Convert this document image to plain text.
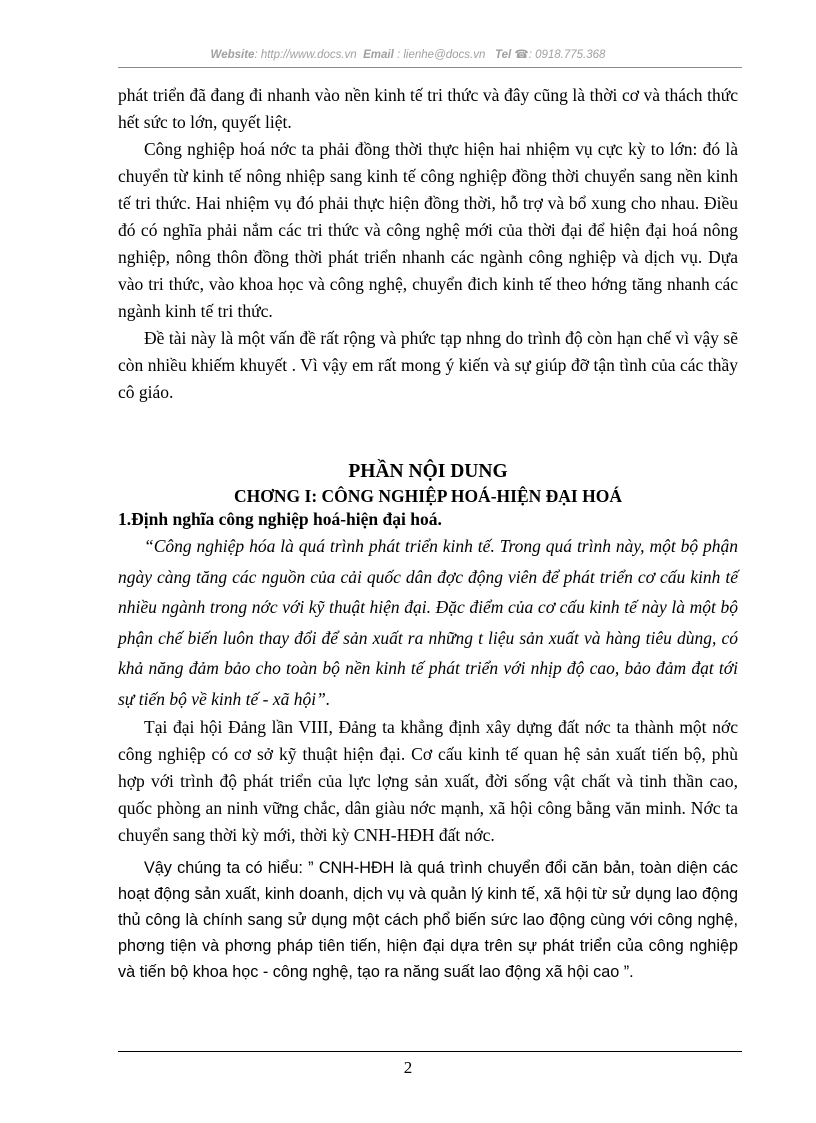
Website: http://www.docs.vn Email : lienhe@docs.vn Tel ☎: 0918.775.368

phát triển đã đang đi nhanh vào nền kinh tế tri thức và đây cũng là thời cơ và thách thức hết sức to lớn, quyết liệt.

Công nghiệp hoá nớc ta phải đồng thời thực hiện hai nhiệm vụ cực kỳ to lớn: đó là chuyển từ kinh tế nông nhiệp sang kinh tế công nghiệp đồng thời chuyển sang nền kinh tế tri thức. Hai nhiệm vụ đó phải thực hiện đồng thời, hỗ trợ và bổ xung cho nhau. Điều đó có nghĩa phải nắm các tri thức và công nghệ mới của thời đại để hiện đại hoá nông nghiệp, nông thôn đồng thời phát triển nhanh các ngành công nghiệp và dịch vụ. Dựa vào tri thức, vào khoa học và công nghệ, chuyển đich kinh tế theo hớng tăng nhanh các ngành kinh tế tri thức.

Đề tài này là một vấn đề rất rộng và phức tạp nhng do trình độ còn hạn chế vì vậy sẽ còn nhiều khiếm khuyết . Vì vậy em rất mong ý kiến và sự giúp đỡ tận tình của các thầy cô giáo.

PHẦN NỘI DUNG
CHƠNG I: CÔNG NGHIỆP HOÁ-HIỆN ĐẠI HOÁ
1.Định nghĩa công nghiệp hoá-hiện đại hoá.

“Công nghiệp hóa là quá trình phát triển kinh tế. Trong quá trình này, một bộ phận ngày càng tăng các nguồn của cải quốc dân đợc động viên để phát triển cơ cấu kinh tế nhiều ngành trong nớc với kỹ thuật hiện đại. Đặc điểm của cơ cấu kinh tế này là một bộ phận chế biến luôn thay đổi để sản xuất ra những t liệu sản xuất và hàng tiêu dùng, có khả năng đảm bảo cho toàn bộ nền kinh tế phát triển với nhịp độ cao, bảo đảm đạt tới sự tiến bộ về kinh tế - xã hội”.

Tại đại hội Đảng lần VIII, Đảng ta khẳng định xây dựng đất nớc ta thành một nớc công nghiệp có cơ sở kỹ thuật hiện đại. Cơ cấu kinh tế quan hệ sản xuất tiến bộ, phù hợp với trình độ phát triển của lực lợng sản xuất, đời sống vật chất và tinh thần cao, quốc phòng an ninh vững chắc, dân giàu nớc mạnh, xã hội công bằng văn minh. Nớc ta chuyển sang thời kỳ mới, thời kỳ CNH-HĐH đất nớc.

Vậy chúng ta có hiểu: ” CNH-HĐH là quá trình chuyển đổi căn bản, toàn diện các hoạt động sản xuất, kinh doanh, dịch vụ và quản lý kinh tế, xã hội từ sử dụng lao động thủ công là chính sang sử dụng một cách phổ biến sức lao động cùng với công nghệ, phơng tiện và phơng pháp tiên tiến, hiện đại dựa trên sự phát triển của công nghiệp và tiến bộ khoa học - công nghệ, tạo ra năng suất lao động xã hội cao ”.

2
